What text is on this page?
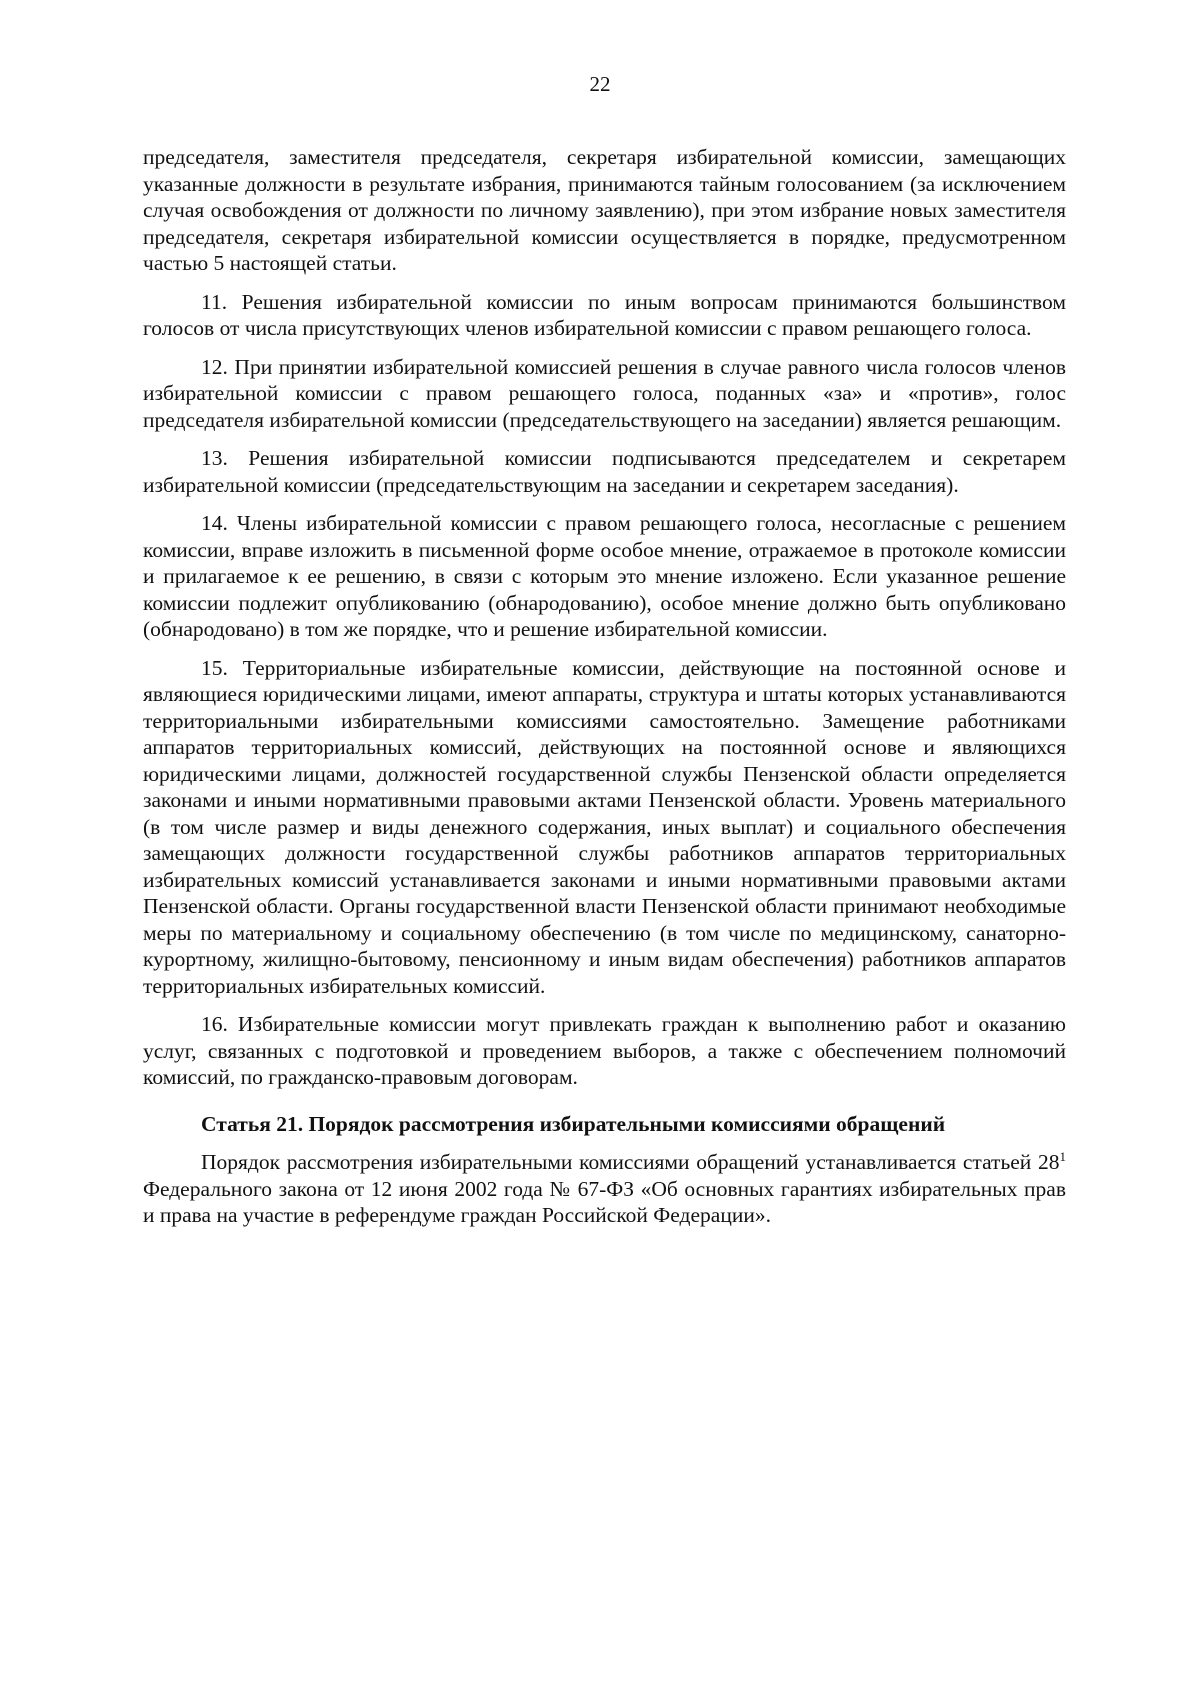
22

председателя, заместителя председателя, секретаря избирательной комиссии, замещающих указанные должности в результате избрания, принимаются тайным голосованием (за исключением случая освобождения от должности по личному заявлению), при этом избрание новых заместителя председателя, секретаря избирательной комиссии осуществляется в порядке, предусмотренном частью 5 настоящей статьи.

11. Решения избирательной комиссии по иным вопросам принимаются большинством голосов от числа присутствующих членов избирательной комиссии с правом решающего голоса.

12. При принятии избирательной комиссией решения в случае равного числа голосов членов избирательной комиссии с правом решающего голоса, поданных «за» и «против», голос председателя избирательной комиссии (председательствующего на заседании) является решающим.

13. Решения избирательной комиссии подписываются председателем и секретарем избирательной комиссии (председательствующим на заседании и секретарем заседания).

14. Члены избирательной комиссии с правом решающего голоса, несогласные с решением комиссии, вправе изложить в письменной форме особое мнение, отражаемое в протоколе комиссии и прилагаемое к ее решению, в связи с которым это мнение изложено. Если указанное решение комиссии подлежит опубликованию (обнародованию), особое мнение должно быть опубликовано (обнародовано) в том же порядке, что и решение избирательной комиссии.

15. Территориальные избирательные комиссии, действующие на постоянной основе и являющиеся юридическими лицами, имеют аппараты, структура и штаты которых устанавливаются территориальными избирательными комиссиями самостоятельно. Замещение работниками аппаратов территориальных комиссий, действующих на постоянной основе и являющихся юридическими лицами, должностей государственной службы Пензенской области определяется законами и иными нормативными правовыми актами Пензенской области. Уровень материального (в том числе размер и виды денежного содержания, иных выплат) и социального обеспечения замещающих должности государственной службы работников аппаратов территориальных избирательных комиссий устанавливается законами и иными нормативными правовыми актами Пензенской области. Органы государственной власти Пензенской области принимают необходимые меры по материальному и социальному обеспечению (в том числе по медицинскому, санаторно-курортному, жилищно-бытовому, пенсионному и иным видам обеспечения) работников аппаратов территориальных избирательных комиссий.

16. Избирательные комиссии могут привлекать граждан к выполнению работ и оказанию услуг, связанных с подготовкой и проведением выборов, а также с обеспечением полномочий комиссий, по гражданско-правовым договорам.

Статья 21. Порядок рассмотрения избирательными комиссиями обращений

Порядок рассмотрения избирательными комиссиями обращений устанавливается статьей $28^1$ Федерального закона от 12 июня 2002 года № 67-ФЗ «Об основных гарантиях избирательных прав и права на участие в референдуме граждан Российской Федерации».
